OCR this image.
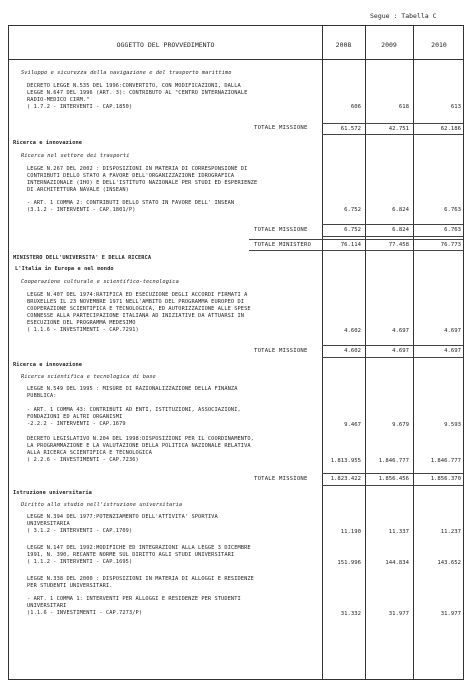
Segue : Tabella C
OGGETTO DEL PROVVEDIMENTO	2008	2009	2010
Sviluppo e sicurezza della navigazione e del trasporto marittimo
DECRETO LEGGE N.535 DEL 1996:CONVERTITO, CON MODIFICAZIONI, DALLA
LEGGE N.647 DEL 1996 (ART. 3): CONTRIBUTO AL "CENTRO INTERNAZIONALE
RADIO-MEDICO CIRM."
( 1.7.2 - INTERVENTI - CAP.1850)	606	618	613
TOTALE MISSIONE	61.572	42.751	62.186
Ricerca e innovazione
Ricerca nel settore dei trasporti
LEGGE N.267 DEL 2002 : DISPOSIZIONI IN MATERIA DI CORRESPONSIONE DI
CONTRIBUTI DELLO STATO A FAVORE DELL'ORGANIZZAZIONE IDROGRAFICA
INTERNAZIONALE (IHO) E DELL'ISTITUTO NAZIONALE PER STUDI ED ESPERIENZE
DI ARCHITETTURA NAVALE (INSEAN)
- ART. 1 COMMA 2: CONTRIBUTI DELLO STATO IN FAVORE DELL' INSEAN
(3.1.2 - INTERVENTI - CAP.1801/P)	6.752	6.824	6.763
TOTALE MISSIONE	6.752	6.824	6.763
TOTALE MINISTERO	76.114	77.458	76.773
MINISTERO DELL'UNIVERSITA' E DELLA RICERCA
L'Italia in Europa e nel mondo
Cooperazione culturale e scientifico-tecnologica
LEGGE N.407 DEL 1974:RATIFICA ED ESECUZIONE DEGLI ACCORDI FIRMATI A
BRUXELLES IL 23 NOVEMBRE 1971 NELL'AMBITO DEL PROGRAMMA EUROPEO DI
COOPERAZIONE SCIENTIFICA E TECNOLOGICA, ED AUTORIZZAZIONE ALLE SPESE
CONNESSE ALLA PARTECIPAZIONE ITALIANA AD INIZIATIVE DA ATTUARSI IN
ESECUZIONE DEL PROGRAMMA MEDESIMO
( 1.1.6 - INVESTIMENTI - CAP.7291)	4.602	4.697	4.697
TOTALE MISSIONE	4.602	4.697	4.697
Ricerca e innovazione
Ricerca scientifica e tecnologica di base
LEGGE N.549 DEL 1995 : MISURE DI RAZIONALIZZAZIONE DELLA FINANZA
PUBBLICA:
- ART. 1 COMMA 43: CONTRIBUTI AD ENTI, ISTITUZIONI, ASSOCIAZIONI,
FONDAZIONI ED ALTRI ORGANISMI
-2.2.2 - INTERVENTI - CAP.1679	9.467	9.679	9.593
DECRETO LEGISLATIVO N.204 DEL 1998:DISPOSIZIONI PER IL COORDINAMENTO,
LA PROGRAMMAZIONE E LA VALUTAZIONE DELLA POLITICA NAZIONALE RELATIVA
ALLA RICERCA SCIENTIFICA E TECNOLOGICA
( 2.2.6 - INVESTIMENTI - CAP.7236)	1.813.955	1.846.777	1.846.777
TOTALE MISSIONE	1.823.422	1.856.456	1.856.370
Istruzione universitaria
Diritto allo studio nell'istruzione universitaria
LEGGE N.394 DEL 1977:POTENZIAMENTO DELL'ATTIVITA' SPORTIVA
UNIVERSITARIA
( 3.1.2 - INTERVENTI - CAP.1709)	11.190	11.337	11.237
LEGGE N.147 DEL 1992:MODIFICHE ED INTEGRAZIONI ALLA LEGGE 3 DICEMBRE
1991, N. 390, RECANTE NORME SUL DIRITTO AGLI STUDI UNIVERSITARI
( 1.1.2 - INTERVENTI - CAP.1695)	151.996	144.834	143.652
LEGGE N.338 DEL 2000 : DISPOSIZIONI IN MATERIA DI ALLOGGI E RESIDENZE
PER STUDENTI UNIVERSITARI.
- ART. 1 COMMA 1: INTERVENTI PER ALLOGGI E RESIDENZE PER STUDENTI
UNIVERSITARI
(1.1.6 - INVESTIMENTI - CAP.7273/P)	31.332	31.977	31.977
